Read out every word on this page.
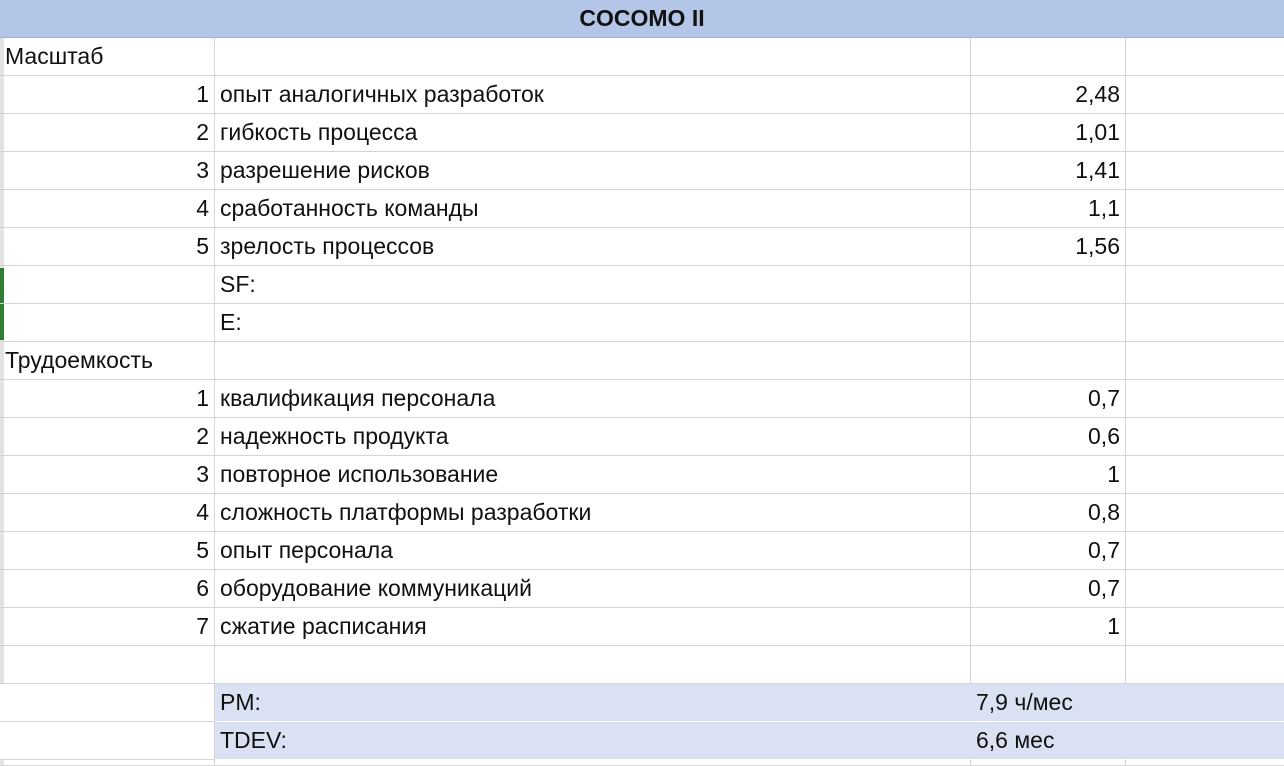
COCOMO II
Масштаб
1 опыт аналогичных разработок	2,48
2 гибкость процесса	1,01
3 разрешение рисков	1,41
4 сработанность команды	1,1
5 зрелость процессов	1,56
SF:
E:
Трудоемкость
1 квалификация персонала	0,7
2 надежность продукта	0,6
3 повторное использование	1
4 сложность платформы разработки	0,8
5 опыт персонала	0,7
6 оборудование коммуникаций	0,7
7 сжатие расписания	1
PM:	7,9 ч/мес
TDEV:	6,6 мес
